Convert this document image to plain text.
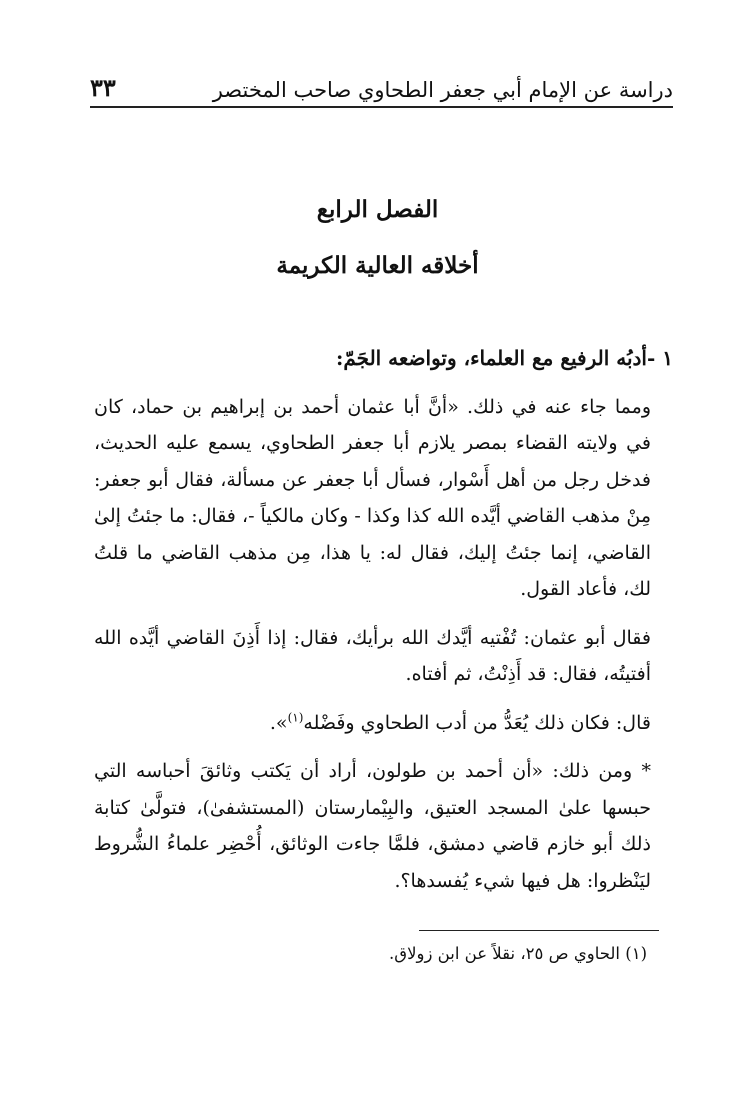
دراسة عن الإمام أبي جعفر الطحاوي صاحب المختصر
٣٣
الفصل الرابع
أخلاقه العالية الكريمة

١ -أدبُه الرفيع مع العلماء، وتواضعه الجَمّ:

ومما جاء عنه في ذلك. «أنَّ أبا عثمان أحمد بن إبراهيم بن حماد، كان في ولايته القضاء بمصر يلازم أبا جعفر الطحاوي، يسمع عليه الحديث، فدخل رجل من أهل أَسْوار، فسأل أبا جعفر عن مسألة، فقال أبو جعفر: مِنْ مذهب القاضي أيَّده الله كذا وكذا - وكان مالكياً -، فقال: ما جئتُ إلىٰ القاضي، إنما جئتُ إليك، فقال له: يا هذا، مِن مذهب القاضي ما قلتُ لك، فأعاد القول.

فقال أبو عثمان: تُفْتيه أيَّدك الله برأيك، فقال: إذا أَذِنَ القاضي أيَّده الله أفتيتُه، فقال: قد أَذِنْتُ، ثم أفتاه.

قال: فكان ذلك يُعَدُّ من أدب الطحاوي وفَضْله$^{(١)}$».

* ومن ذلك: «أن أحمد بن طولون، أراد أن يَكتب وثائقَ أحباسه التي حبسها علىٰ المسجد العتيق، والبِيْمارستان (المستشفىٰ)، فتولَّىٰ كتابة ذلك أبو خازم قاضي دمشق، فلمَّا جاءت الوثائق، أُحْضِر علماءُ الشُّروط ليَنْظروا: هل فيها شيء يُفسدها؟.

(١) الحاوي ص ٢٥، نقلاً عن ابن زولاق.
